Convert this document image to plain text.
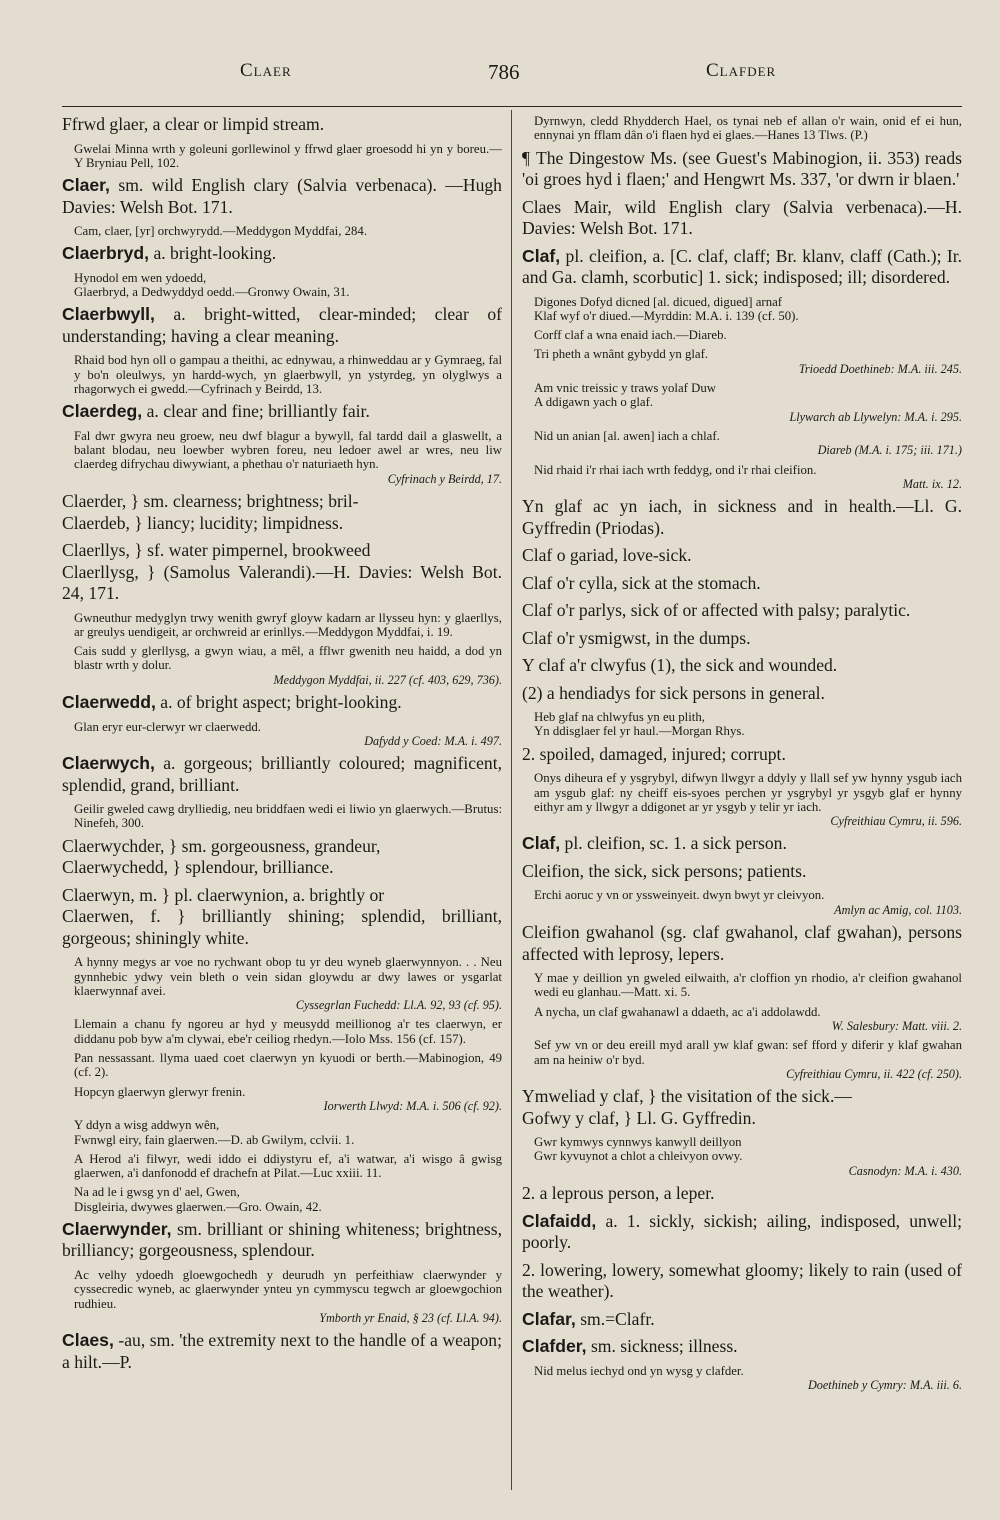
Claer	786	Clafder

Ffrwd glaer, a clear or limpid stream.

Gwelai Minna wrth y goleuni gorllewinol y ffrwd glaer groesodd hi yn y boreu.—Y Bryniau Pell, 102.

Claer, sm. wild English clary (Salvia verbenaca). —Hugh Davies: Welsh Bot. 171.

Cam, claer, [yr] orchwyrydd.—Meddygon Myddfai, 284.

Claerbryd, a. bright-looking.

Hynodol em wen ydoedd,
Glaerbryd, a Dedwyddyd oedd.—Gronwy Owain, 31.

Claerbwyll, a. bright-witted, clear-minded; clear of understanding; having a clear meaning.

Rhaid bod hyn oll o gampau a theithi, ac ednywau, a rhinweddau ar y Gymraeg, fal y bo'n oleulwys, yn hardd-wych, yn glaerbwyll, yn ystyrdeg, yn olyglwys a rhagorwych ei gwedd.—Cyfrinach y Beirdd, 13.

Claerdeg, a. clear and fine; brilliantly fair.

Fal dwr gwyra neu groew, neu dwf blagur a bywyll, fal tardd dail a glaswellt, a balant blodau, neu loewber wybren foreu, neu ledoer awel ar wres, neu liw claerdeg difrychau diwywiant, a phethau o'r naturiaeth hyn.
Cyfrinach y Beirdd, 17.

Claerder, } sm. clearness; brightness; bril-
Claerdeb, } liancy; lucidity; limpidness.

Claerllys, } sf. water pimpernel, brookweed
Claerllysg, } (Samolus Valerandi).—H. Davies: Welsh Bot. 24, 171.

Gwneuthur medyglyn trwy wenith gwryf gloyw kadarn ar llysseu hyn: y glaerllys, ar greulys uendigeit, ar orchwreid ar erinllys.—Meddygon Myddfai, i. 19.

Cais sudd y glerllysg, a gwyn wiau, a mêl, a fflwr gwenith neu haidd, a dod yn blastr wrth y dolur.
Meddygon Myddfai, ii. 227 (cf. 403, 629, 736).

Claerwedd, a. of bright aspect; bright-looking.

Glan eryr eur-clerwyr wr claerwedd.
Dafydd y Coed: M.A. i. 497.

Claerwych, a. gorgeous; brilliantly coloured; magnificent, splendid, grand, brilliant.

Geilir gweled cawg drylliedig, neu briddfaen wedi ei liwio yn glaerwych.—Brutus: Ninefeh, 300.

Claerwychder, } sm. gorgeousness, grandeur,
Claerwychedd, } splendour, brilliance.

Claerwyn, m. } pl. claerwynion, a. brightly or
Claerwen, f. } brilliantly shining; splendid, brilliant, gorgeous; shiningly white.

A hynny megys ar voe no rychwant obop tu yr deu wyneb glaerwynnyon. . . Neu gynnhebic ydwy vein bleth o vein sidan gloywdu ar dwy lawes or ysgarlat klaerwynnaf avei.
Cyssegrlan Fuchedd: Ll.A. 92, 93 (cf. 95).

Llemain a chanu fy ngoreu ar hyd y meusydd meillionog a'r tes claerwyn, er diddanu pob byw a'm clywai, ebe'r ceiliog rhedyn.—Iolo Mss. 156 (cf. 157).

Pan nessassant. llyma uaed coet claerwyn yn kyuodi or berth.—Mabinogion, 49 (cf. 2).

Hopcyn glaerwyn glerwyr frenin.
Iorwerth Llwyd: M.A. i. 506 (cf. 92).

Y ddyn a wisg addwyn wên,
Fwnwgl eiry, fain glaerwen.—D. ab Gwilym, cclvii. 1.

A Herod a'i filwyr, wedi iddo ei ddiystyru ef, a'i watwar, a'i wisgo â gwisg glaerwen, a'i danfonodd ef drachefn at Pilat.—Luc xxiii. 11.

Na ad le i gwsg yn d' ael, Gwen,
Disgleiria, dwywes glaerwen.—Gro. Owain, 42.

Claerwynder, sm. brilliant or shining whiteness; brightness, brilliancy; gorgeousness, splendour.

Ac velhy ydoedh gloewgochedh y deurudh yn perfeithiaw claerwynder y cyssecredic wyneb, ac glaerwynder ynteu yn cymmyscu tegwch ar gloewgochion rudhieu.
Ymborth yr Enaid, § 23 (cf. Ll.A. 94).

Claes, -au, sm. 'the extremity next to the handle of a weapon; a hilt.—P.

Dyrnwyn, cledd Rhydderch Hael, os tynai neb ef allan o'r wain, onid ef ei hun, ennynai yn fflam dân o'i flaen hyd ei glaes.—Hanes 13 Tlws. (P.)

¶ The Dingestow Ms. (see Guest's Mabinogion, ii. 353) reads 'oi groes hyd i flaen;' and Hengwrt Ms. 337, 'or dwrn ir blaen.'

Claes Mair, wild English clary (Salvia verbenaca).—H. Davies: Welsh Bot. 171.

Claf, pl. cleifion, a. [C. claf, claff; Br. klanv, claff (Cath.); Ir. and Ga. clamh, scorbutic] 1. sick; indisposed; ill; disordered.

Digones Dofyd dicned [al. dicued, digued] arnaf
Klaf wyf o'r diued.—Myrddin: M.A. i. 139 (cf. 50).

Corff claf a wna enaid iach.—Diareb.

Tri pheth a wnânt gybydd yn glaf.
Trioedd Doethineb: M.A. iii. 245.

Am vnic treissic y traws yolaf Duw
A ddigawn yach o glaf.
Llywarch ab Llywelyn: M.A. i. 295.

Nid un anian [al. awen] iach a chlaf.
Diareb (M.A. i. 175; iii. 171.)

Nid rhaid i'r rhai iach wrth feddyg, ond i'r rhai cleifion.
Matt. ix. 12.

Yn glaf ac yn iach, in sickness and in health.—Ll. G. Gyffredin (Priodas).

Claf o gariad, love-sick.

Claf o'r cylla, sick at the stomach.

Claf o'r parlys, sick of or affected with palsy; paralytic.

Claf o'r ysmigwst, in the dumps.

Y claf a'r clwyfus (1), the sick and wounded.

(2) a hendiadys for sick persons in general.

Heb glaf na chlwyfus yn eu plith,
Yn ddisglaer fel yr haul.—Morgan Rhys.

2. spoiled, damaged, injured; corrupt.

Onys diheura ef y ysgrybyl, difwyn llwgyr a ddyly y llall sef yw hynny ysgub iach am ysgub glaf: ny cheiff eis-syoes perchen yr ysgrybyl yr ysgyb glaf er hynny eithyr am y llwgyr a ddigonet ar yr ysgyb y telir yr iach.
Cyfreithiau Cymru, ii. 596.

Claf, pl. cleifion, sc. 1. a sick person.

Cleifion, the sick, sick persons; patients.

Erchi aoruc y vn or yssweinyeit. dwyn bwyt yr cleivyon.
Amlyn ac Amig, col. 1103.

Cleifion gwahanol (sg. claf gwahanol, claf gwahan), persons affected with leprosy, lepers.

Y mae y deillion yn gweled eilwaith, a'r cloffion yn rhodio, a'r cleifion gwahanol wedi eu glanhau.—Matt. xi. 5.

A nycha, un claf gwahanawl a ddaeth, ac a'i addolawdd.
W. Salesbury: Matt. viii. 2.

Sef yw vn or deu ereill myd arall yw klaf gwan: sef fford y diferir y klaf gwahan am na heiniw o'r byd.
Cyfreithiau Cymru, ii. 422 (cf. 250).

Ymweliad y claf, } the visitation of the sick.—
Gofwy y claf, } Ll. G. Gyffredin.

Gwr kymwys cynnwys kanwyll deillyon
Gwr kyvuynot a chlot a chleivyon ovwy.
Casnodyn: M.A. i. 430.

2. a leprous person, a leper.

Clafaidd, a. 1. sickly, sickish; ailing, indisposed, unwell; poorly.

2. lowering, lowery, somewhat gloomy; likely to rain (used of the weather).

Clafar, sm.=Clafr.

Clafder, sm. sickness; illness.

Nid melus iechyd ond yn wysg y clafder.
Doethineb y Cymry: M.A. iii. 6.
